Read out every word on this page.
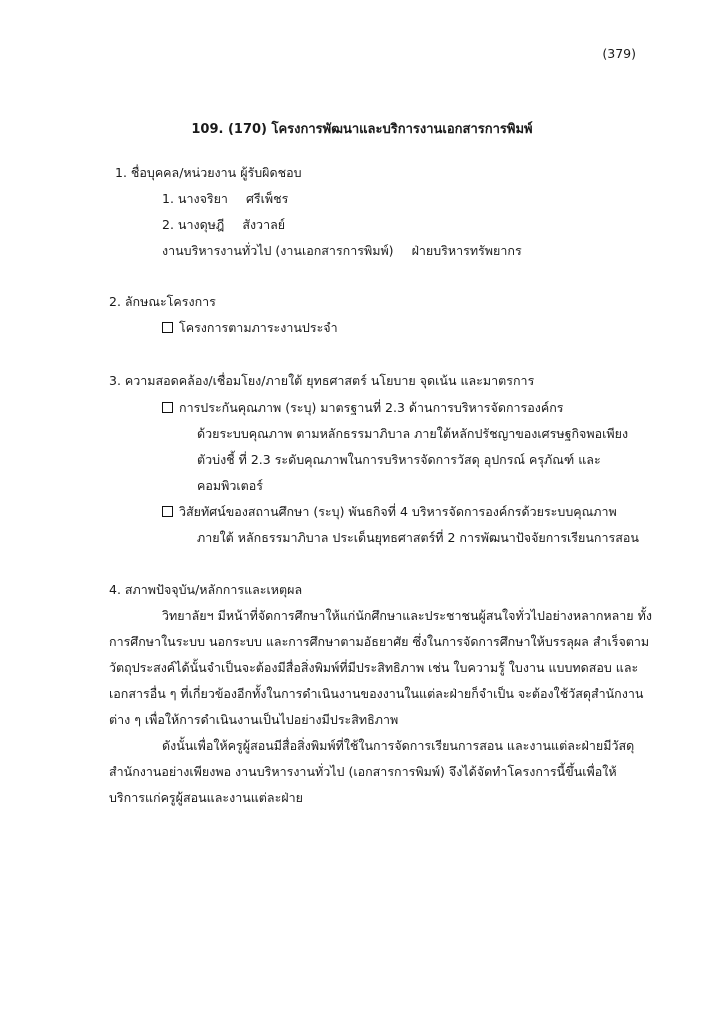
(379)
109. (170) โครงการพัฒนาและบริการงานเอกสารการพิมพ์
1. ชื่อบุคคล/หน่วยงาน ผู้รับผิดชอบ
1. นางจริยา ศรีเพ็ชร
2. นางดุษฎี สังวาลย์
งานบริหารงานทั่วไป (งานเอกสารการพิมพ์) ฝ่ายบริหารทรัพยากร
2. ลักษณะโครงการ
โครงการตามภาระงานประจำ
3. ความสอดคล้อง/เชื่อมโยง/ภายใต้ ยุทธศาสตร์ นโยบาย จุดเน้น และมาตรการ
การประกันคุณภาพ (ระบุ) มาตรฐานที่ 2.3 ด้านการบริหารจัดการองค์กร
ด้วยระบบคุณภาพ ตามหลักธรรมาภิบาล ภายใต้หลักปรัชญาของเศรษฐกิจพอเพียง
ตัวบ่งชี้ ที่ 2.3 ระดับคุณภาพในการบริหารจัดการวัสดุ อุปกรณ์ ครุภัณฑ์ และ
คอมพิวเตอร์
วิสัยทัศน์ของสถานศึกษา (ระบุ) พันธกิจที่ 4 บริหารจัดการองค์กรด้วยระบบคุณภาพ
ภายใต้ หลักธรรมาภิบาล ประเด็นยุทธศาสตร์ที่ 2 การพัฒนาปัจจัยการเรียนการสอน
4. สภาพปัจจุบัน/หลักการและเหตุผล
วิทยาลัยฯ มีหน้าที่จัดการศึกษาให้แก่นักศึกษาและประชาชนผู้สนใจทั่วไปอย่างหลากหลาย ทั้ง
การศึกษาในระบบ นอกระบบ และการศึกษาตามอัธยาศัย ซึ่งในการจัดการศึกษาให้บรรลุผล สำเร็จตาม
วัตถุประสงค์ได้นั้นจำเป็นจะต้องมีสื่อสิ่งพิมพ์ที่มีประสิทธิภาพ เช่น ใบความรู้ ใบงาน แบบทดสอบ และ
เอกสารอื่น ๆ ที่เกี่ยวข้องอีกทั้งในการดำเนินงานของงานในแต่ละฝ่ายก็จำเป็น จะต้องใช้วัสดุสำนักงาน
ต่าง ๆ เพื่อให้การดำเนินงานเป็นไปอย่างมีประสิทธิภาพ
ดังนั้นเพื่อให้ครูผู้สอนมีสื่อสิ่งพิมพ์ที่ใช้ในการจัดการเรียนการสอน และงานแต่ละฝ่ายมีวัสดุ
สำนักงานอย่างเพียงพอ งานบริหารงานทั่วไป (เอกสารการพิมพ์) จึงได้จัดทำโครงการนี้ขึ้นเพื่อให้
บริการแก่ครูผู้สอนและงานแต่ละฝ่าย
